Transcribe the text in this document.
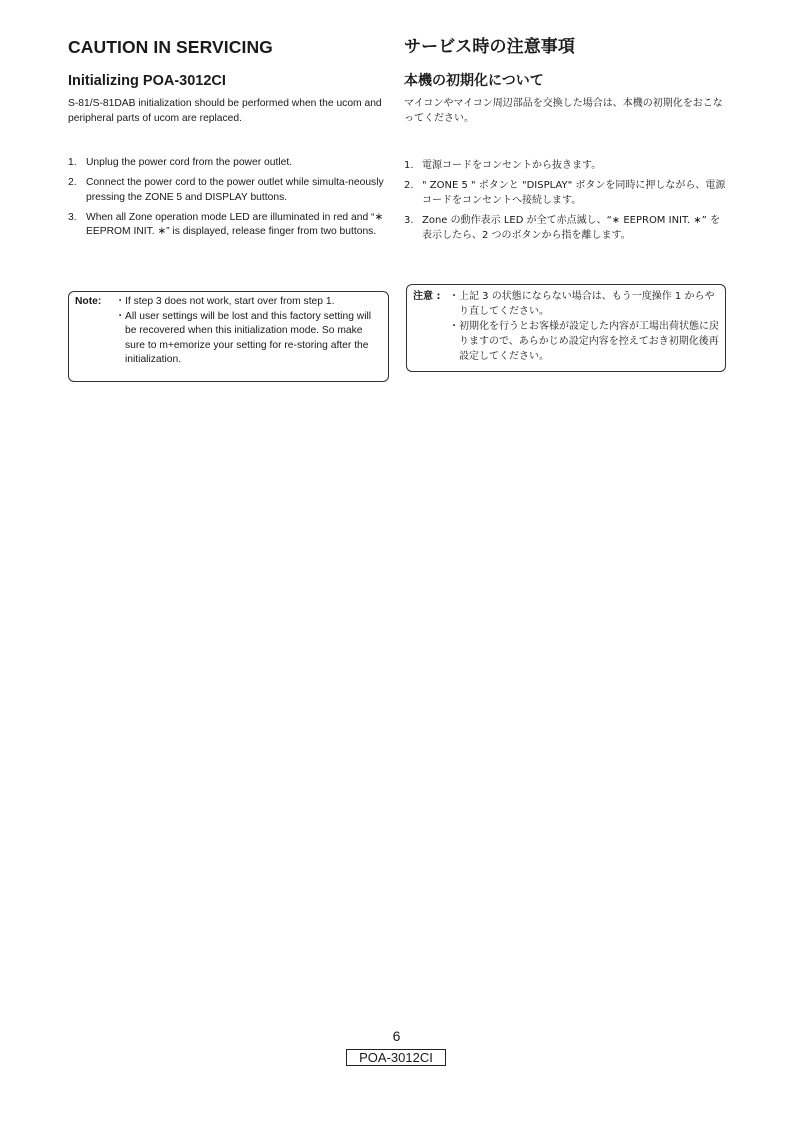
CAUTION IN SERVICING
Initializing POA-3012CI

S-81/S-81DAB initialization should be performed when the ucom and peripheral parts of ucom are replaced.

1. Unplug the power cord from the power outlet.
2. Connect the power cord to the power outlet while simulta-neously pressing the ZONE 5 and DISPLAY buttons.
3. When all Zone operation mode LED are illuminated in red and “∗ EEPROM INIT. ∗” is displayed, release finger from two buttons.
Note: ・ If step 3 does not work, start over from step 1.
・ All user settings will be lost and this factory setting will be recovered when this initialization mode. So make sure to m+emorize your setting for re-storing after the initialization.
サービス時の注意事項
本機の初期化について

マイコンやマイコン周辺部品を交換した場合は、本機の初期化をおこなってください。

1. 電源コードをコンセントから抜きます。
2. " ZONE 5 " ボタンと "DISPLAY" ボタンを同時に押しながら、電源コードをコンセントへ接続します。
3. Zone の動作表示 LED が全て赤点滅し、“∗ EEPROM INIT. ∗” を表示したら、2 つのボタンから指を離します。
注意 : ・ 上記 3 の状態にならない場合は、もう一度操作 1 からやり直してください。
・ 初期化を行うとお客様が設定した内容が工場出荷状態に戻りますので、あらかじめ設定内容を控えておき初期化後再設定してください。
6
POA-3012CI
